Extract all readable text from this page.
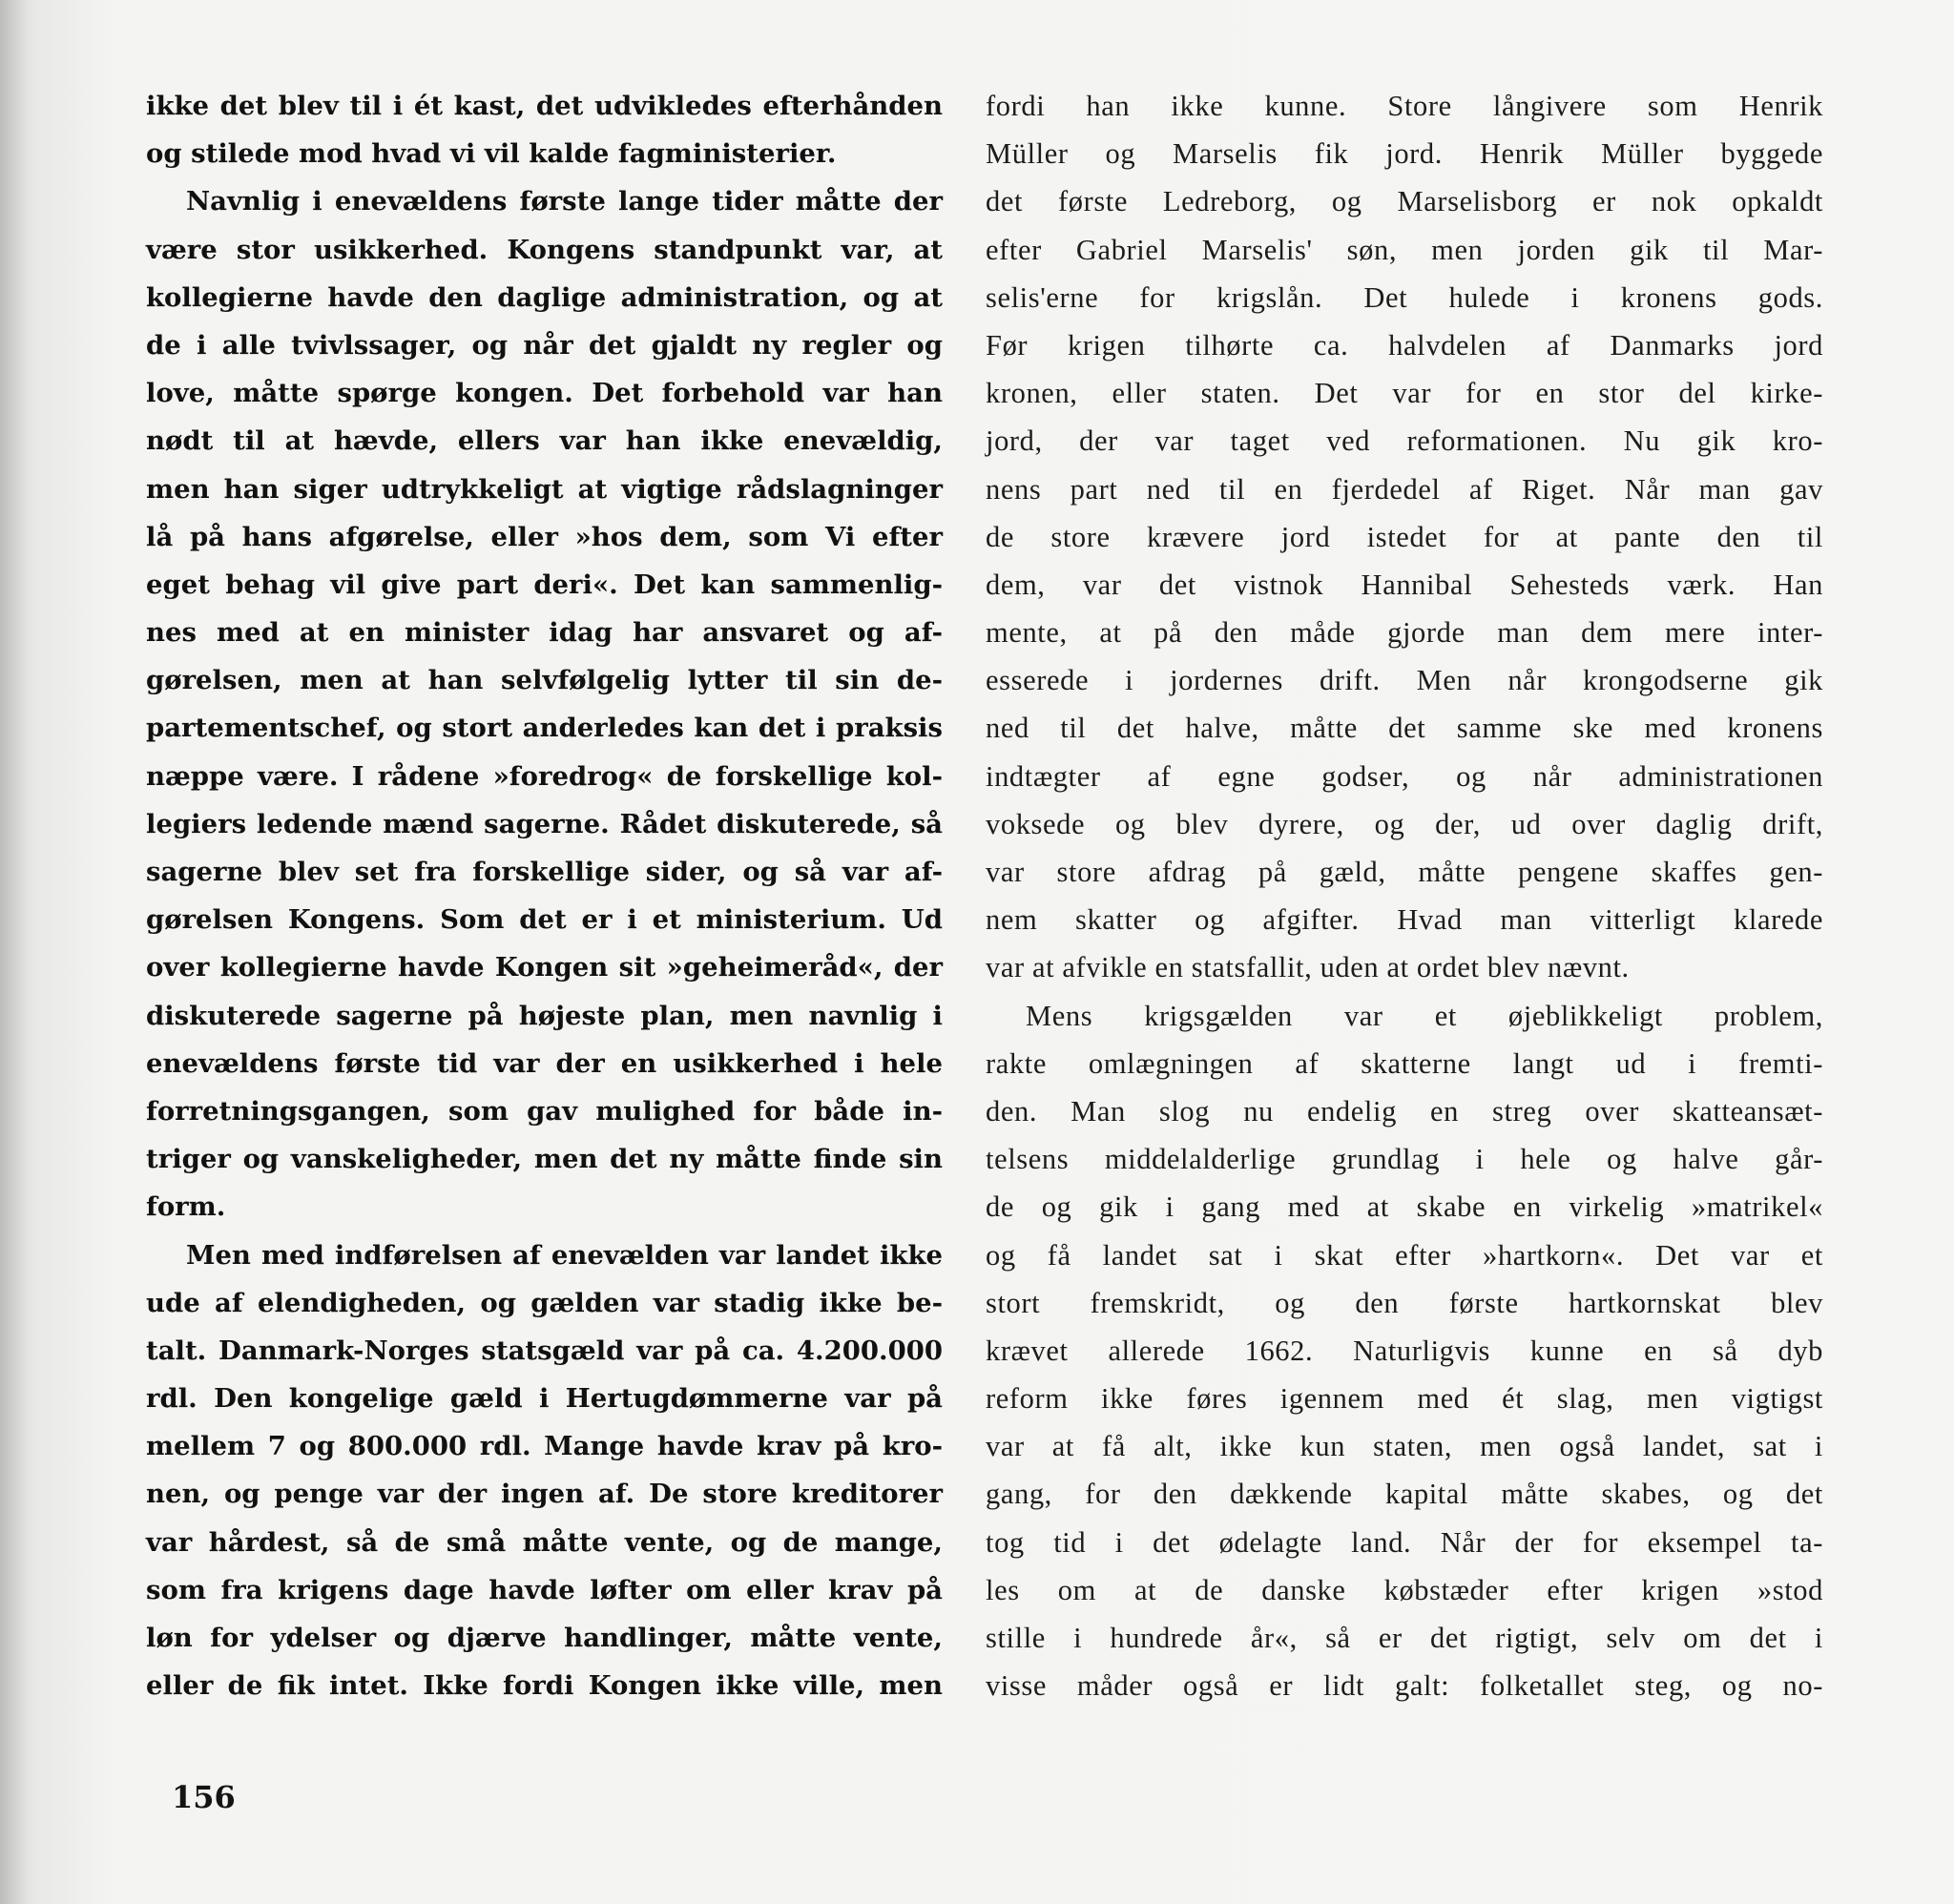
ikke det blev til i ét kast, det udvikledes efterhånden
og stilede mod hvad vi vil kalde fagministerier.
Navnlig i enevældens første lange tider måtte der
være stor usikkerhed. Kongens standpunkt var, at
kollegierne havde den daglige administration, og at
de i alle tvivlssager, og når det gjaldt ny regler og
love, måtte spørge kongen. Det forbehold var han
nødt til at hævde, ellers var han ikke enevældig,
men han siger udtrykkeligt at vigtige rådslagninger
lå på hans afgørelse, eller »hos dem, som Vi efter
eget behag vil give part deri«. Det kan sammenlig-
nes med at en minister idag har ansvaret og af-
gørelsen, men at han selvfølgelig lytter til sin de-
partementschef, og stort anderledes kan det i praksis
næppe være. I rådene »foredrog« de forskellige kol-
legiers ledende mænd sagerne. Rådet diskuterede, så
sagerne blev set fra forskellige sider, og så var af-
gørelsen Kongens. Som det er i et ministerium. Ud
over kollegierne havde Kongen sit »geheimeråd«, der
diskuterede sagerne på højeste plan, men navnlig i
enevældens første tid var der en usikkerhed i hele
forretningsgangen, som gav mulighed for både in-
triger og vanskeligheder, men det ny måtte finde sin
form.
Men med indførelsen af enevælden var landet ikke
ude af elendigheden, og gælden var stadig ikke be-
talt. Danmark-Norges statsgæld var på ca. 4.200.000
rdl. Den kongelige gæld i Hertugdømmerne var på
mellem 7 og 800.000 rdl. Mange havde krav på kro-
nen, og penge var der ingen af. De store kreditorer
var hårdest, så de små måtte vente, og de mange,
som fra krigens dage havde løfter om eller krav på
løn for ydelser og djærve handlinger, måtte vente,
eller de fik intet. Ikke fordi Kongen ikke ville, men
fordi han ikke kunne. Store långivere som Henrik
Müller og Marselis fik jord. Henrik Müller byggede
det første Ledreborg, og Marselisborg er nok opkaldt
efter Gabriel Marselis' søn, men jorden gik til Mar-
selis'erne for krigslån. Det hulede i kronens gods.
Før krigen tilhørte ca. halvdelen af Danmarks jord
kronen, eller staten. Det var for en stor del kirke-
jord, der var taget ved reformationen. Nu gik kro-
nens part ned til en fjerdedel af Riget. Når man gav
de store krævere jord istedet for at pante den til
dem, var det vistnok Hannibal Sehesteds værk. Han
mente, at på den måde gjorde man dem mere inter-
esserede i jordernes drift. Men når krongodserne gik
ned til det halve, måtte det samme ske med kronens
indtægter af egne godser, og når administrationen
voksede og blev dyrere, og der, ud over daglig drift,
var store afdrag på gæld, måtte pengene skaffes gen-
nem skatter og afgifter. Hvad man vitterligt klarede
var at afvikle en statsfallit, uden at ordet blev nævnt.
Mens krigsgælden var et øjeblikkeligt problem,
rakte omlægningen af skatterne langt ud i fremti-
den. Man slog nu endelig en streg over skatteansæt-
telsens middelalderlige grundlag i hele og halve går-
de og gik i gang med at skabe en virkelig »matrikel«
og få landet sat i skat efter »hartkorn«. Det var et
stort fremskridt, og den første hartkornskat blev
krævet allerede 1662. Naturligvis kunne en så dyb
reform ikke føres igennem med ét slag, men vigtigst
var at få alt, ikke kun staten, men også landet, sat i
gang, for den dækkende kapital måtte skabes, og det
tog tid i det ødelagte land. Når der for eksempel ta-
les om at de danske købstæder efter krigen »stod
stille i hundrede år«, så er det rigtigt, selv om det i
visse måder også er lidt galt: folketallet steg, og no-
156
